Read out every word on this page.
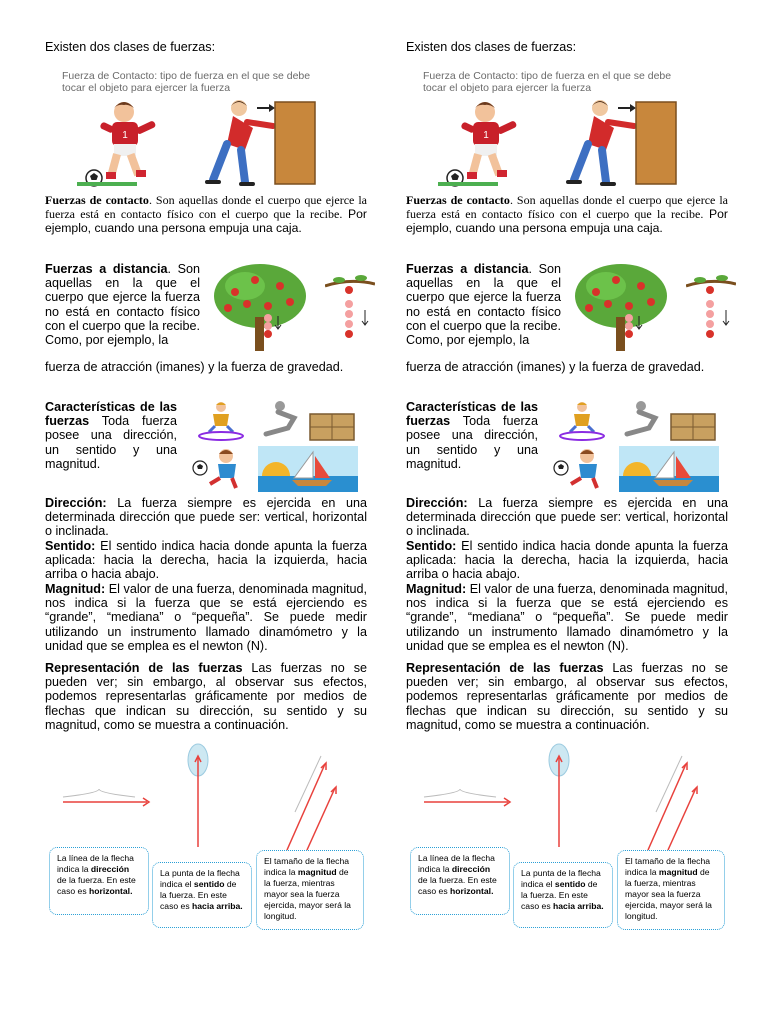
Existen dos clases de fuerzas:
Fuerza de Contacto: tipo de fuerza en el que se debe tocar el objeto para ejercer la fuerza
1
Fuerzas de contacto. Son aquellas donde el cuerpo que ejerce la fuerza está en contacto físico con el cuerpo que la recibe. Por ejemplo, cuando una persona empuja una caja.
Fuerzas a distancia. Son aquellas en la que el cuerpo que ejerce la fuerza no está en contacto físico con el cuerpo que la recibe. Como, por ejemplo, la
fuerza de atracción (imanes) y la fuerza de gravedad.
Características de las fuerzas Toda fuerza posee una dirección, un sentido y una magnitud.
Dirección: La fuerza siempre es ejercida en una determinada dirección que puede ser: vertical, horizontal o inclinada.
Sentido: El sentido indica hacia donde apunta la fuerza aplicada: hacia la derecha, hacia la izquierda, hacia arriba o hacia abajo.
Magnitud: El valor de una fuerza, denominada magnitud, nos indica si la fuerza que se está ejerciendo es “grande”, “mediana” o “pequeña”. Se puede medir utilizando un instrumento llamado dinamómetro y la unidad que se emplea es el newton (N).
Representación de las fuerzas Las fuerzas no se pueden ver; sin embargo, al observar sus efectos, podemos representarlas gráficamente por medios de flechas que indican su dirección, su sentido y su magnitud, como se muestra a continuación.
La línea de la flecha indica la dirección de la fuerza. En este caso es horizontal.
La punta de la flecha indica el sentido de la fuerza. En este caso es hacia arriba.
El tamaño de la flecha indica la magnitud de la fuerza, mientras mayor sea la fuerza ejercida, mayor será la longitud.
Existen dos clases de fuerzas:
Fuerza de Contacto: tipo de fuerza en el que se debe tocar el objeto para ejercer la fuerza
1
Fuerzas de contacto. Son aquellas donde el cuerpo que ejerce la fuerza está en contacto físico con el cuerpo que la recibe. Por ejemplo, cuando una persona empuja una caja.
Fuerzas a distancia. Son aquellas en la que el cuerpo que ejerce la fuerza no está en contacto físico con el cuerpo que la recibe. Como, por ejemplo, la
fuerza de atracción (imanes) y la fuerza de gravedad.
Características de las fuerzas Toda fuerza posee una dirección, un sentido y una magnitud.
Dirección: La fuerza siempre es ejercida en una determinada dirección que puede ser: vertical, horizontal o inclinada.
Sentido: El sentido indica hacia donde apunta la fuerza aplicada: hacia la derecha, hacia la izquierda, hacia arriba o hacia abajo.
Magnitud: El valor de una fuerza, denominada magnitud, nos indica si la fuerza que se está ejerciendo es “grande”, “mediana” o “pequeña”. Se puede medir utilizando un instrumento llamado dinamómetro y la unidad que se emplea es el newton (N).
Representación de las fuerzas Las fuerzas no se pueden ver; sin embargo, al observar sus efectos, podemos representarlas gráficamente por medios de flechas que indican su dirección, su sentido y su magnitud, como se muestra a continuación.
La línea de la flecha indica la dirección de la fuerza. En este caso es horizontal.
La punta de la flecha indica el sentido de la fuerza. En este caso es hacia arriba.
El tamaño de la flecha indica la magnitud de la fuerza, mientras mayor sea la fuerza ejercida, mayor será la longitud.
